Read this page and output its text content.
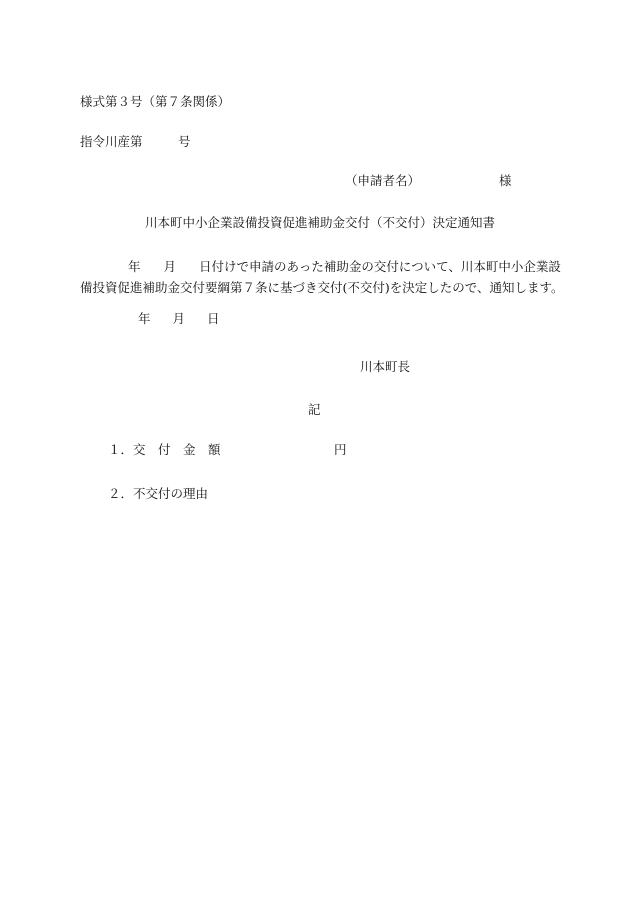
様式第３号（第７条関係）
指令川産第	号
（申請者名）	様
川本町中小企業設備投資促進補助金交付（不交付）決定通知書
年 月 日付けで申請のあった補助金の交付について、川本町中小企業設
備投資促進補助金交付要綱第７条に基づき交付(不交付)を決定したので、通知します。
年 月 日
川本町長
記
１．交　付　金　額	円
２．不交付の理由
